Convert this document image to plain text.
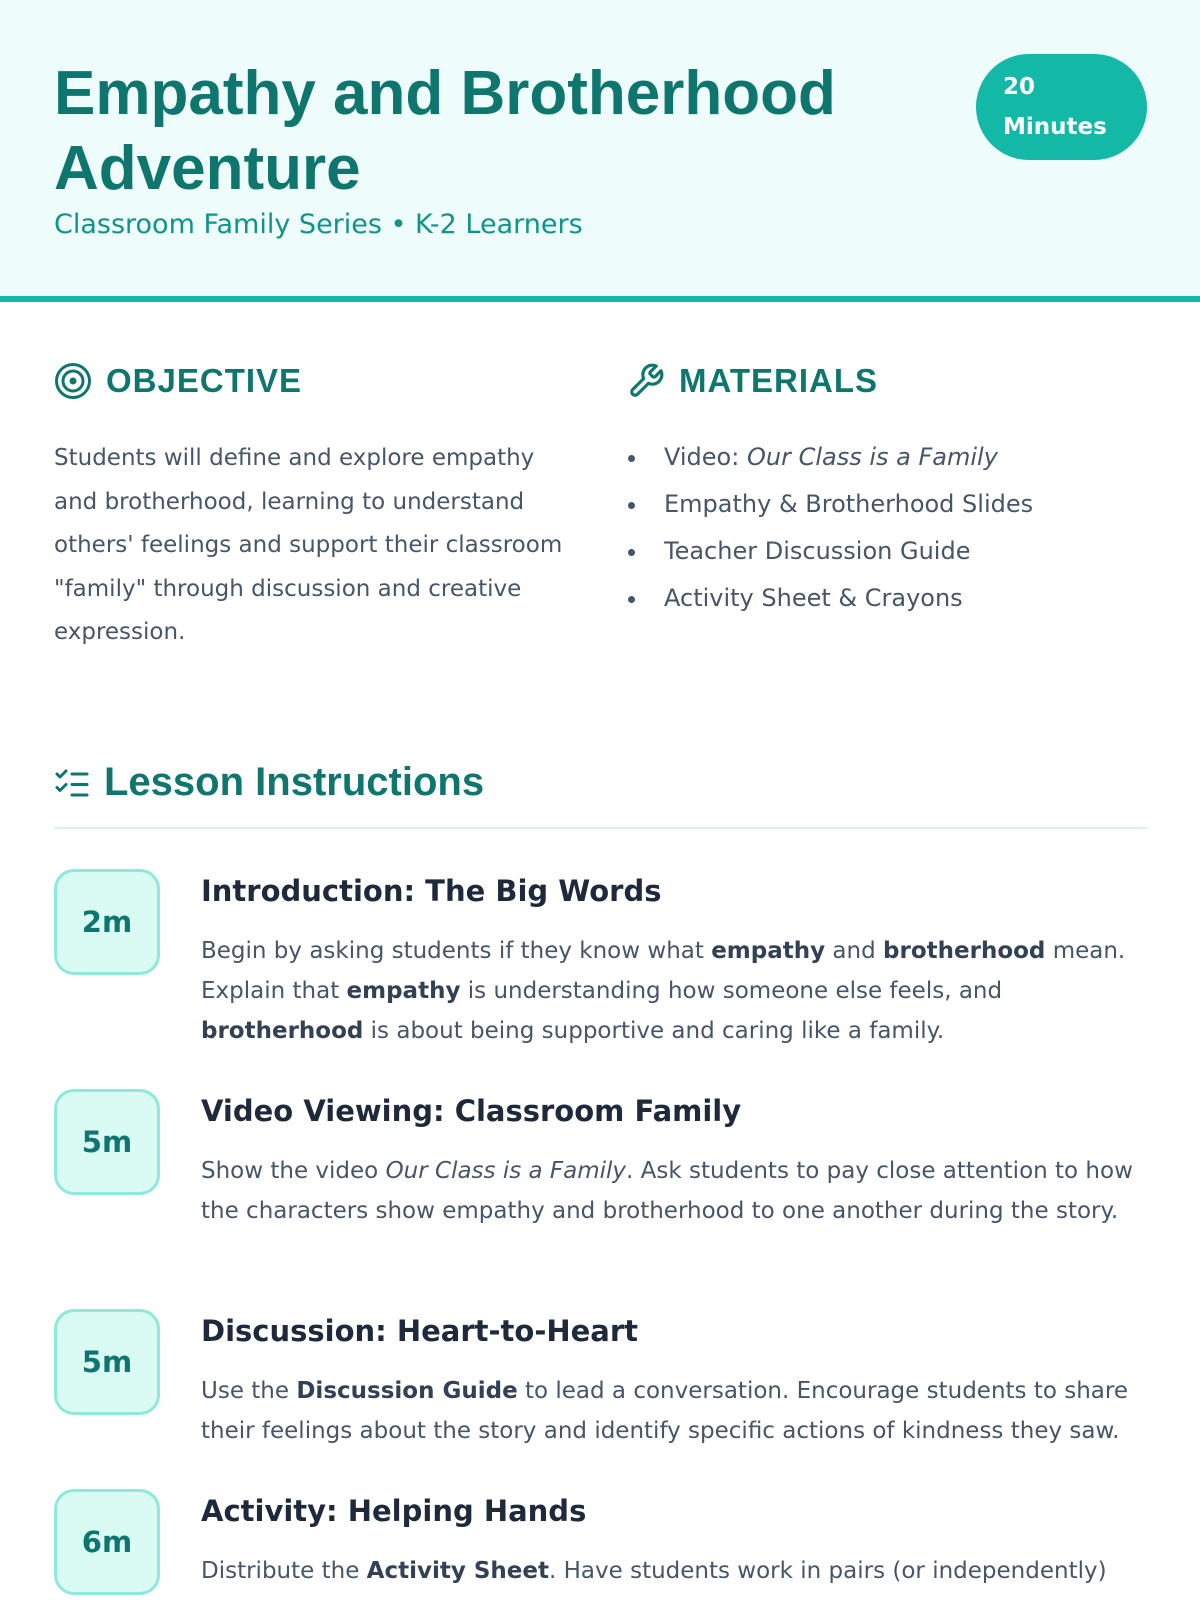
Empathy and Brotherhood Adventure
Classroom Family Series • K-2 Learners
20
Minutes
OBJECTIVE

Students will define and explore empathy and brotherhood, learning to understand others' feelings and support their classroom "family" through discussion and creative expression.

MATERIALS
Video: Our Class is a Family
Empathy & Brotherhood Slides
Teacher Discussion Guide
Activity Sheet & Crayons
Lesson Instructions
2m
Introduction: The Big Words

Begin by asking students if they know what empathy and brotherhood mean. Explain that empathy is understanding how someone else feels, and brotherhood is about being supportive and caring like a family.

5m
Video Viewing: Classroom Family

Show the video Our Class is a Family. Ask students to pay close attention to how the characters show empathy and brotherhood to one another during the story.

5m
Discussion: Heart-to-Heart

Use the Discussion Guide to lead a conversation. Encourage students to share their feelings about the story and identify specific actions of kindness they saw.

6m
Activity: Helping Hands

Distribute the Activity Sheet. Have students work in pairs (or independently)
